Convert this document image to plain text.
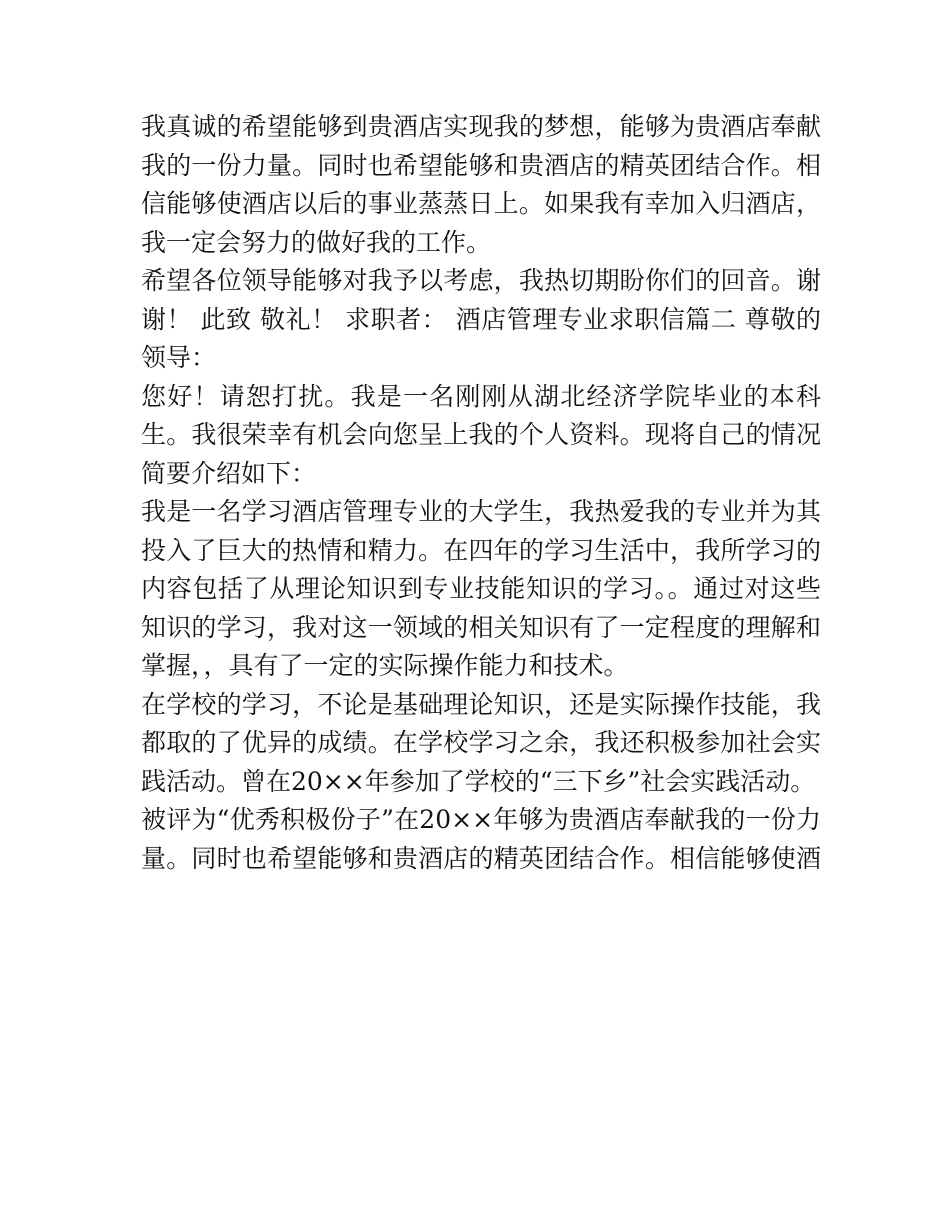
我真诚的希望能够到贵酒店实现我的梦想，能够为贵酒店奉献
我的一份力量。同时也希望能够和贵酒店的精英团结合作。相
信能够使酒店以后的事业蒸蒸日上。如果我有幸加入归酒店，
我一定会努力的做好我的工作。
希望各位领导能够对我予以考虑，我热切期盼你们的回音。谢
谢！ 此致 敬礼！ 求职者： 酒店管理专业求职信篇二 尊敬的
领导：
您好！请恕打扰。我是一名刚刚从湖北经济学院毕业的本科
生。我很荣幸有机会向您呈上我的个人资料。现将自己的情况
简要介绍如下：
我是一名学习酒店管理专业的大学生，我热爱我的专业并为其
投入了巨大的热情和精力。在四年的学习生活中，我所学习的
内容包括了从理论知识到专业技能知识的学习。。通过对这些
知识的学习，我对这一领域的相关知识有了一定程度的理解和
掌握，，具有了一定的实际操作能力和技术。
在学校的学习，不论是基础理论知识，还是实际操作技能，我
都取的了优异的成绩。在学校学习之余，我还积极参加社会实
践活动。曾在20××年参加了学校的“三下乡”社会实践活动。
被评为“优秀积极份子”在20××年够为贵酒店奉献我的一份力
量。同时也希望能够和贵酒店的精英团结合作。相信能够使酒
